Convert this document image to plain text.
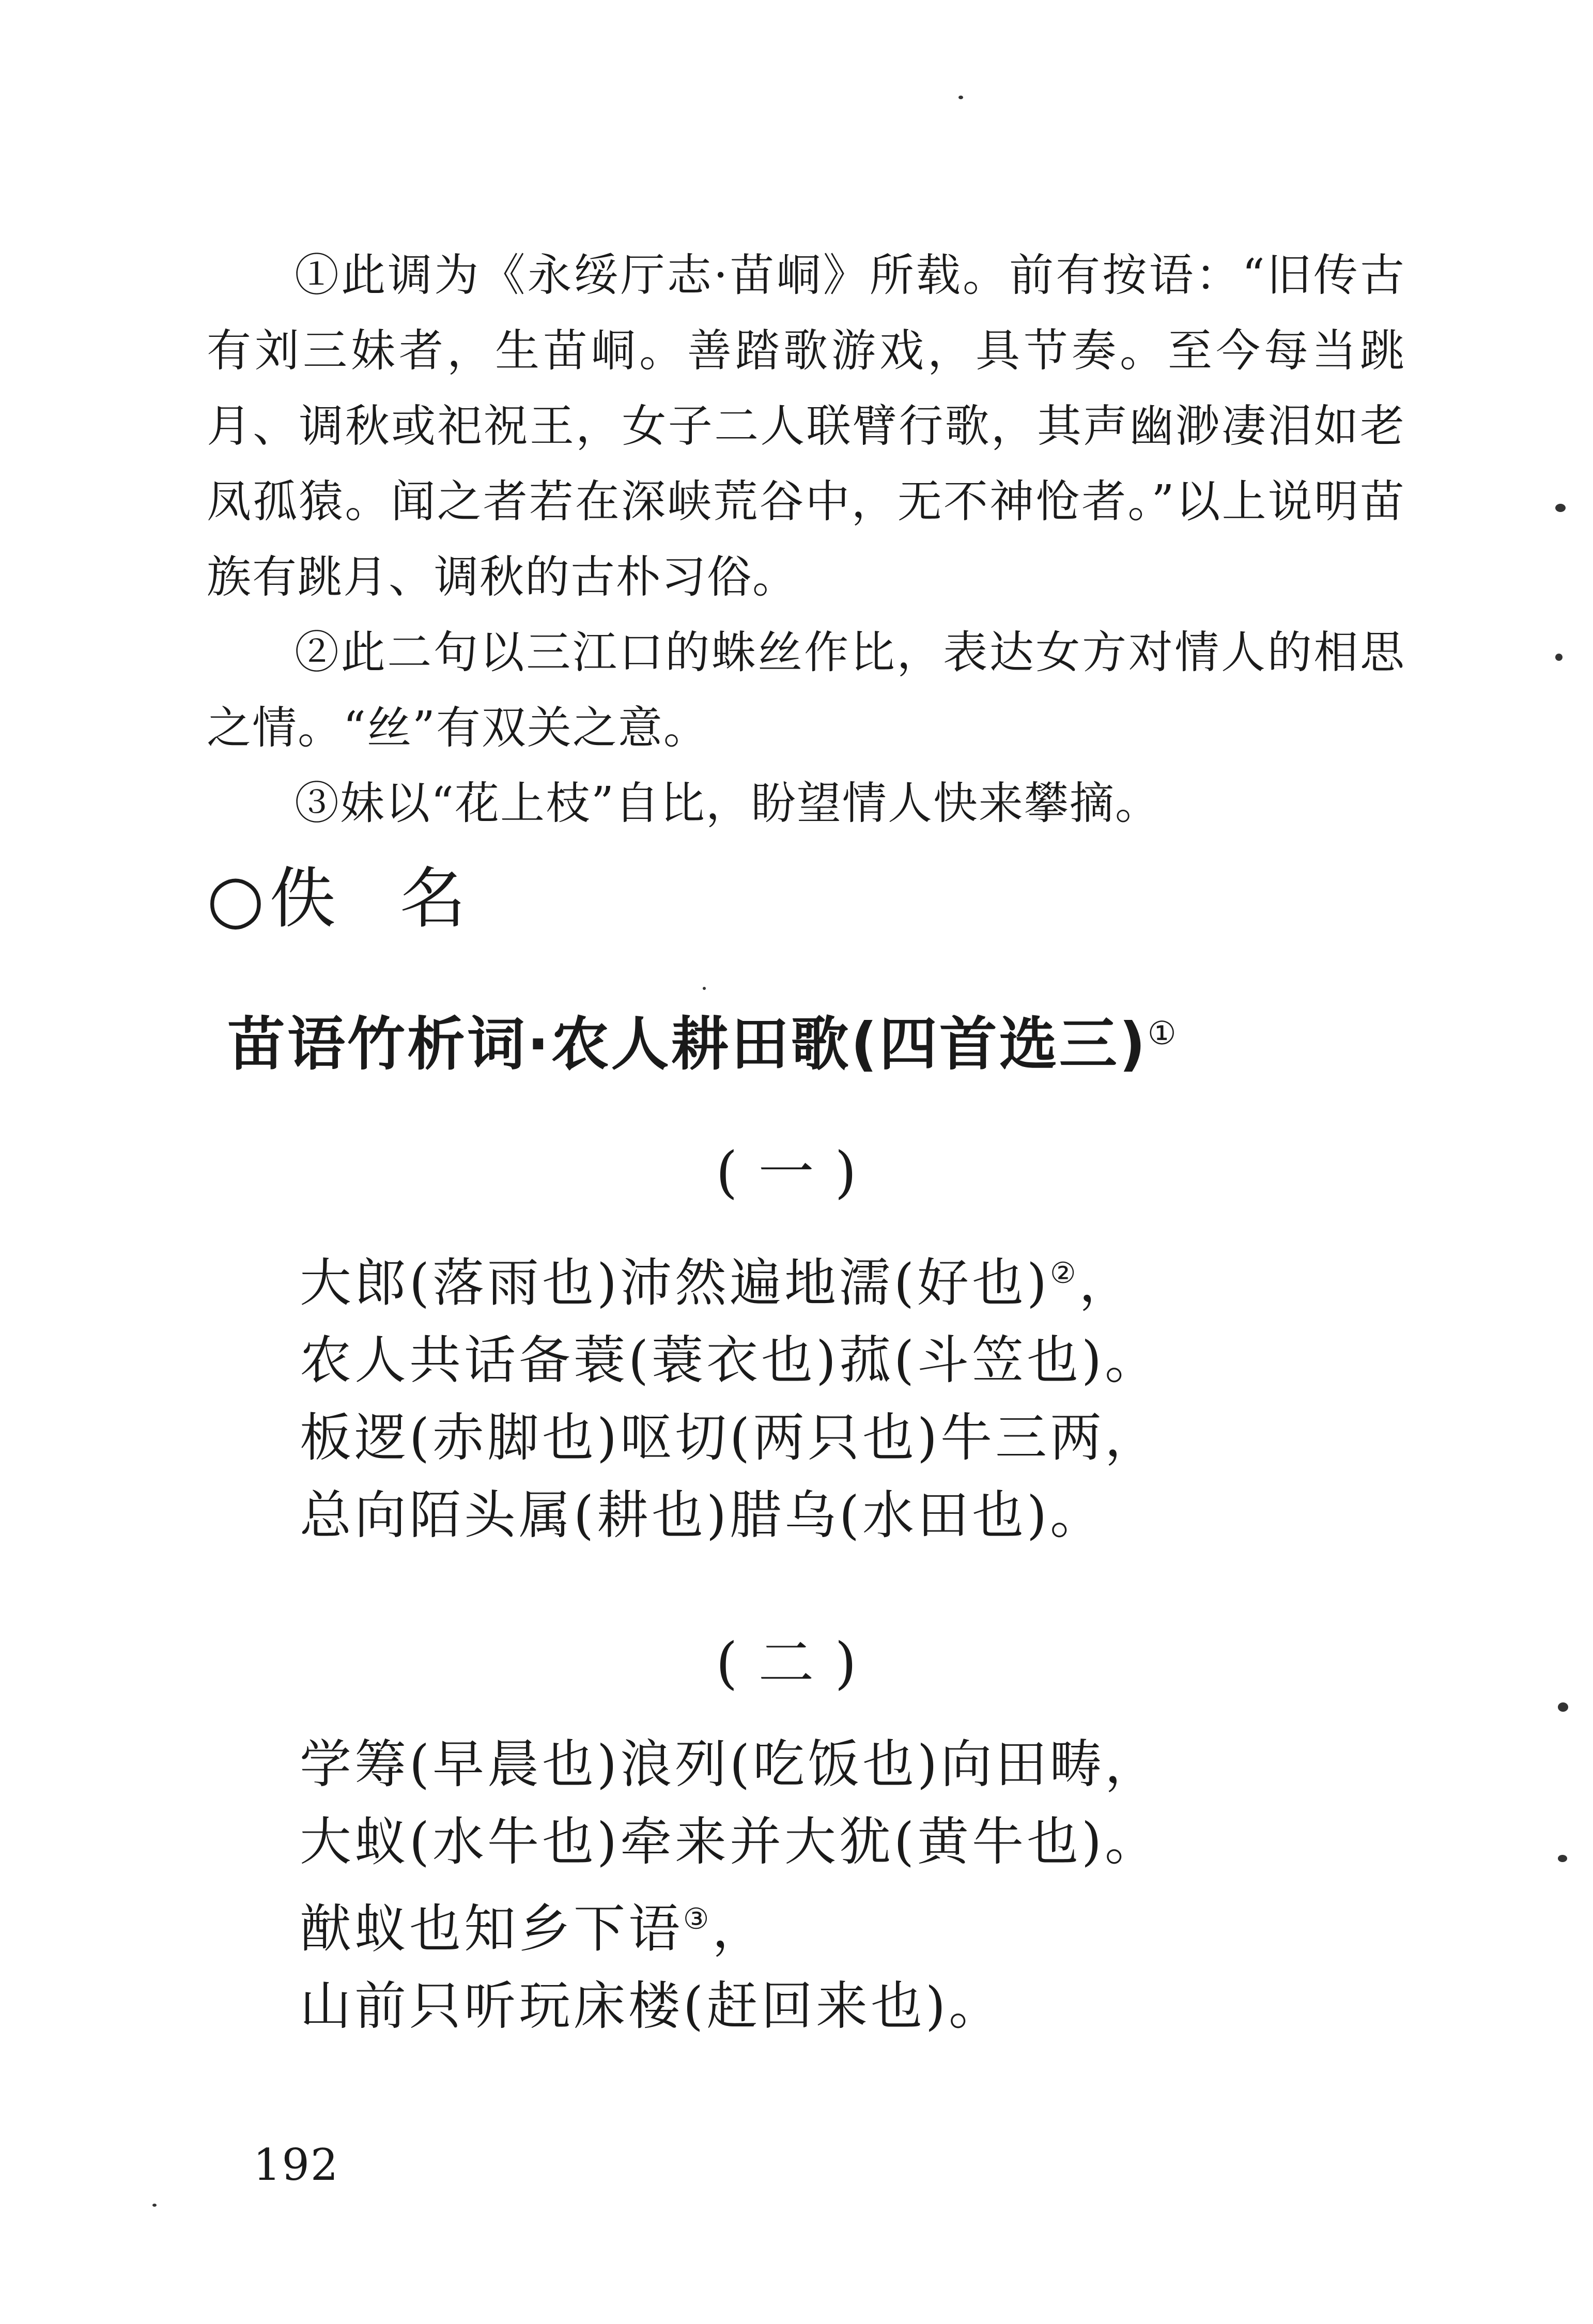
①此调为《永绥厅志·苗峒》所载。前有按语：“旧传古有刘三妹者，生苗峒。善踏歌游戏，具节奏。至今每当跳月、调秋或祀祝王，女子二人联臂行歌，其声幽渺凄泪如老凤孤猿。闻之者若在深峡荒谷中，无不神怆者。”以上说明苗族有跳月、调秋的古朴习俗。

②此二句以三江口的蛛丝作比，表达女方对情人的相思之情。“丝”有双关之意。

③妹以“花上枝”自比，盼望情人快来攀摘。

○佚 名
苗语竹析词·农人耕田歌(四首选三)①
(一)
大郎(落雨也)沛然遍地濡(好也)②，
农人共话备蓑(蓑衣也)菰(斗笠也)。
板逻(赤脚也)呕切(两只也)牛三两，
总向陌头属(耕也)腊乌(水田也)。
(二)
学筹(早晨也)浪列(吃饭也)向田畴，
大蚁(水牛也)牵来并大犹(黄牛也)。
猷蚁也知乡下语③，
山前只听玩床楼(赶回来也)。
192
